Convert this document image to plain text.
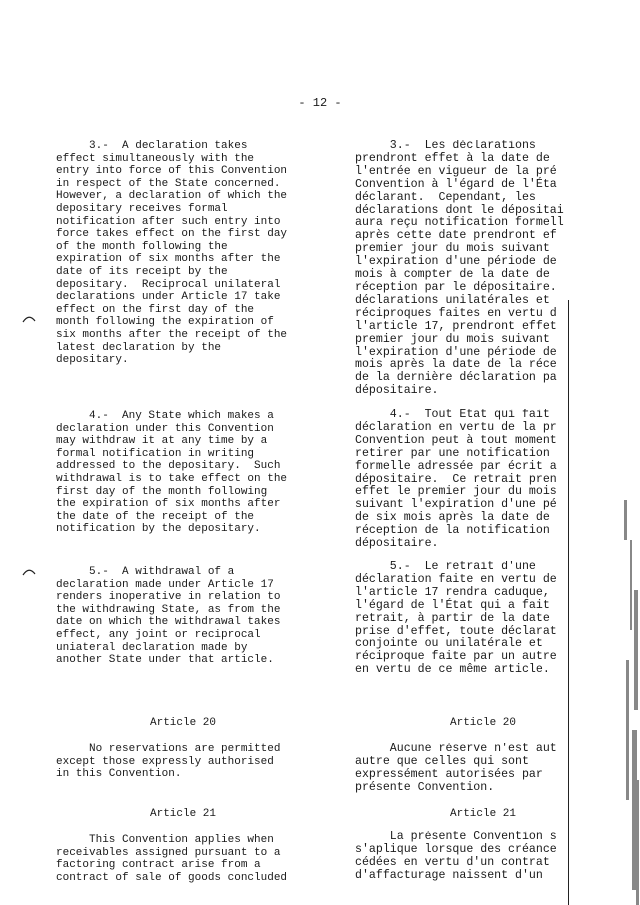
- 12 -
3.-  A declaration takes
effect simultaneously with the
entry into force of this Convention
in respect of the State concerned.
However, a declaration of which the
depositary receives formal
notification after such entry into
force takes effect on the first day
of the month following the
expiration of six months after the
date of its receipt by the
depositary.  Reciprocal unilateral
declarations under Article 17 take
effect on the first day of the
month following the expiration of
six months after the receipt of the
latest declaration by the
depositary.
4.-  Any State which makes a
declaration under this Convention
may withdraw it at any time by a
formal notification in writing
addressed to the depositary.  Such
withdrawal is to take effect on the
first day of the month following
the expiration of six months after
the date of the receipt of the
notification by the depositary.
5.-  A withdrawal of a
declaration made under Article 17
renders inoperative in relation to
the withdrawing State, as from the
date on which the withdrawal takes
effect, any joint or reciprocal
uniateral declaration made by
another State under that article.
Article 20
No reservations are permitted
except those expressly authorised
in this Convention.
Article 21
This Convention applies when
receivables assigned pursuant to a
factoring contract arise from a
contract of sale of goods concluded
3.-  Les déclarations
prendront effet à la date de
l'entrée en vigueur de la pré
Convention à l'égard de l'Éta
déclarant.  Cependant, les
déclarations dont le dépositai
aura reçu notification formell
après cette date prendront ef
premier jour du mois suivant
l'expiration d'une période de
mois à compter de la date de
réception par le dépositaire.
déclarations unilatérales et
réciproques faites en vertu d
l'article 17, prendront effet
premier jour du mois suivant
l'expiration d'une période de
mois après la date de la réce
de la dernière déclaration pa
dépositaire.
4.-  Tout État qui fait
déclaration en vertu de la pr
Convention peut à tout moment
retirer par une notification
formelle adressée par écrit a
dépositaire.  Ce retrait pren
effet le premier jour du mois
suivant l'expiration d'une pé
de six mois après la date de
réception de la notification
dépositaire.
5.-  Le retrait d'une
déclaration faite en vertu de
l'article 17 rendra caduque,
l'égard de l'État qui a fait
retrait, à partir de la date
prise d'effet, toute déclarat
conjointe ou unilatérale et
réciproque faite par un autre
en vertu de ce même article.
Article 20
Aucune réserve n'est aut
autre que celles qui sont
expressément autorisées par
présente Convention.
Article 21
La présente Convention s
s'aplique lorsque des créance
cédées en vertu d'un contrat
d'affacturage naissent d'un
